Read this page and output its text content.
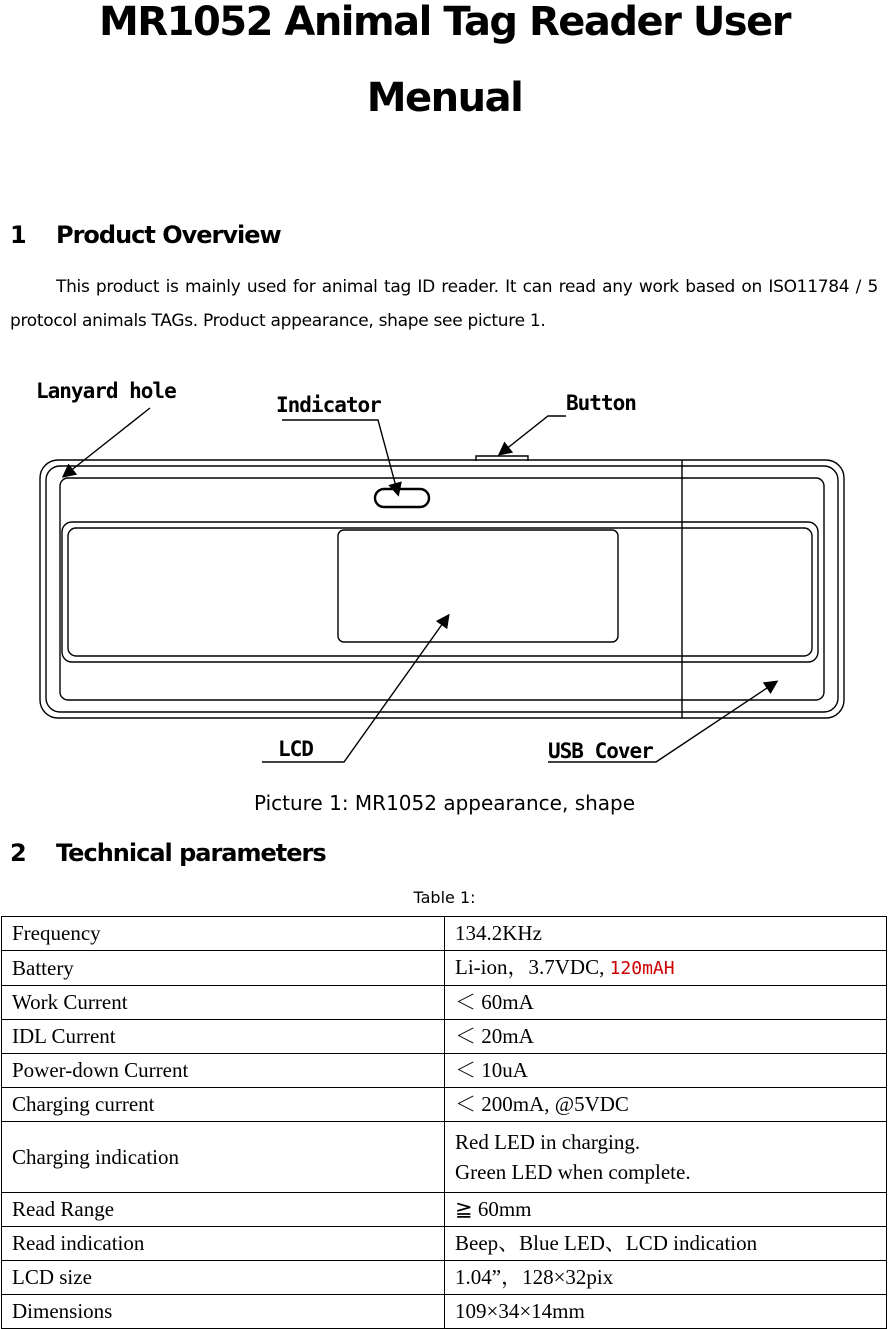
MR1052 Animal Tag Reader User
Menual
1 Product Overview

This product is mainly used for animal tag ID reader. It can read any work based on ISO11784 / 5 protocol animals TAGs. Product appearance, shape see picture 1.

Lanyard hole
Indicator	Button
LCD	USB Cover

Picture 1: MR1052 appearance, shape

2 Technical parameters

Table 1:

Frequency	134.2KHz
Battery	Li-ion，3.7VDC, 120mAH
Work Current	＜ 60mA
IDL Current	＜ 20mA
Power-down Current	＜ 10uA
Charging current	＜ 200mA, @5VDC
Charging indication	Red LED in charging.
Green LED when complete.

Read Range	≧ 60mm
Read indication	Beep、Blue LED、LCD indication
LCD size	1.04”，128×32pix
Dimensions	109×34×14mm
